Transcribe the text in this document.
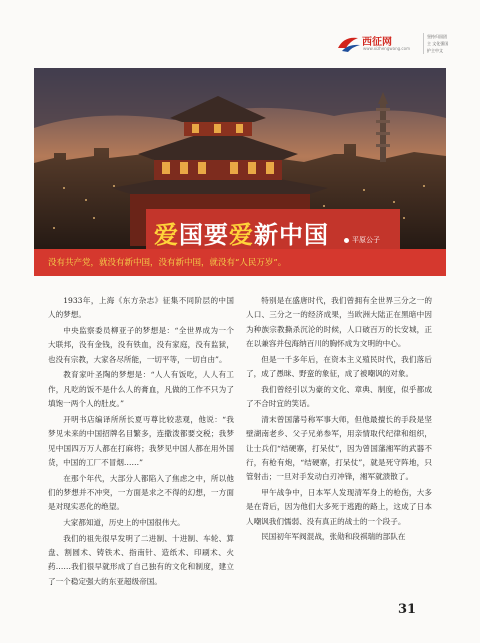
西征网
www.xizhengwang.com
坚持归国团 主 文化强国 护主中文
爱国要爱新中国	平原公子
没有共产党，就没有新中国，没有新中国，就没有“人民万岁”。

1933年，上海《东方杂志》征集不同阶层的中国人的梦想。

中央监察委员柳亚子的梦想是：“全世界成为一个大联邦，没有金钱，没有铁血，没有家庭，没有监狱，也没有宗教，大家各尽所能，一切平等，一切自由”。

教育家叶圣陶的梦想是：“人人有饭吃，人人有工作，凡吃的饭不是什么人的膏血，凡做的工作不只为了填饱一两个人的肚皮。”

开明书店编译所所长夏丏尊比较悲观，他说：“我梦见未来的中国招牌名目繁多，连撒泼都要交税；我梦见中国四万万人都在打麻将；我梦见中国人都在用外国货，中国的工厂不冒烟……”

在那个年代，大部分人都陷入了焦虑之中，所以他们的梦想并不冲突，一方面是求之不得的幻想，一方面是对现实恶化的绝望。

大家都知道，历史上的中国很伟大。

我们的祖先很早发明了二进制、十进制、车轮、算盘、割圆术、铸铁术、指南针、造纸术、印刷术、火药……我们很早就形成了自己独有的文化和制度，建立了一个稳定强大的东亚超级帝国。

特别是在盛唐时代，我们曾拥有全世界三分之一的人口、三分之一的经济成果，当欧洲大陆正在黑暗中因为种族宗教撕杀沉沦的时候，人口破百万的长安城，正在以兼容并包海纳百川的胸怀成为文明的中心。

但是一千多年后，在资本主义殖民时代，我们落后了，成了愚昧、野蛮的象征，成了被嘲讽的对象。

我们曾经引以为豪的文化、章典、制度，似乎都成了不合时宜的笑话。

清末曾国藩号称军事大师，但他最擅长的手段是坚壁湖南老乡、父子兄弟参军，用亲情取代纪律和组织，让士兵们“结硬寨，打呆仗”，因为曾国藩湘军的武器不行，有枪有炮，“结硬寨，打呆仗”，就是死守阵地，只管射击；一旦对手发动白刃冲锋，湘军就溃散了。

甲午战争中，日本军人发现清军身上的枪伤，大多是在背后，因为他们大多死于逃跑的路上，这成了日本人嘲讽我们懦弱、没有真正的战士的一个段子。

民国初年军阀混战，张勋和段祺瑞的部队在

31
